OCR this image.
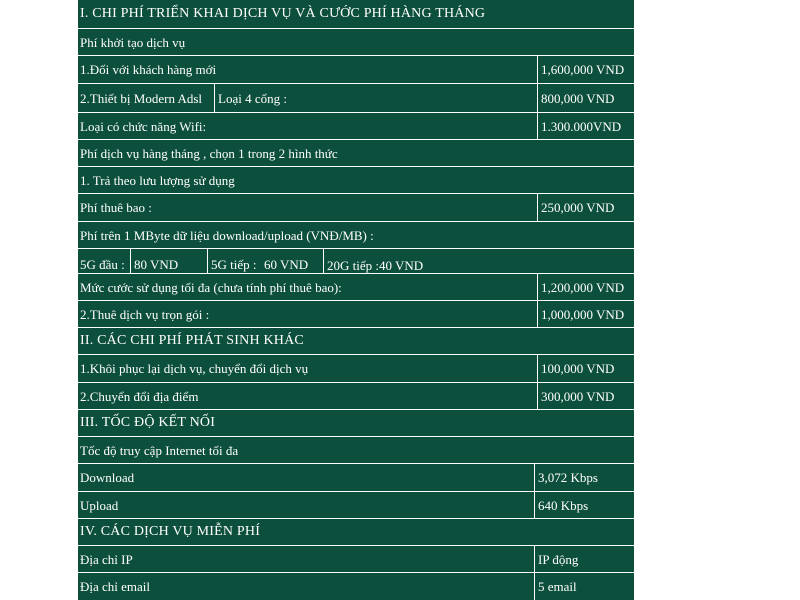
I. CHI PHÍ TRIỂN KHAI DỊCH VỤ VÀ CƯỚC PHÍ HÀNG THÁNG
Phí khởi tạo dịch vụ
1.Đối với khách hàng mới	1,600,000 VND
2.Thiết bị Modern Adsl	Loại 4 cổng :	800,000 VND
Loại có chức năng Wifi:	1.300.000VND
Phí dịch vụ hàng tháng , chọn 1 trong 2 hình thức
1. Trả theo lưu lượng sử dụng
Phí thuê bao :	250,000 VND
Phí trên 1 MByte dữ liệu download/upload (VNĐ/MB) :
5G đầu : 80 VND	5G tiếp : 60 VND	20G tiếp :40 VND
Mức cước sử dụng tối đa (chưa tính phí thuê bao):	1,200,000 VND
2.Thuê dịch vụ trọn gói :	1,000,000 VND
II. CÁC CHI PHÍ PHÁT SINH KHÁC
1.Khôi phục lại dịch vụ, chuyển đổi dịch vụ	100,000 VND
2.Chuyển đổi địa điểm	300,000 VND
III. TỐC ĐỘ KẾT NỐI
Tốc độ truy cập Internet tối đa
Download	3,072 Kbps
Upload	640 Kbps
IV. CÁC DỊCH VỤ MIỄN PHÍ
Địa chỉ IP	IP động
Địa chỉ email	5 email
